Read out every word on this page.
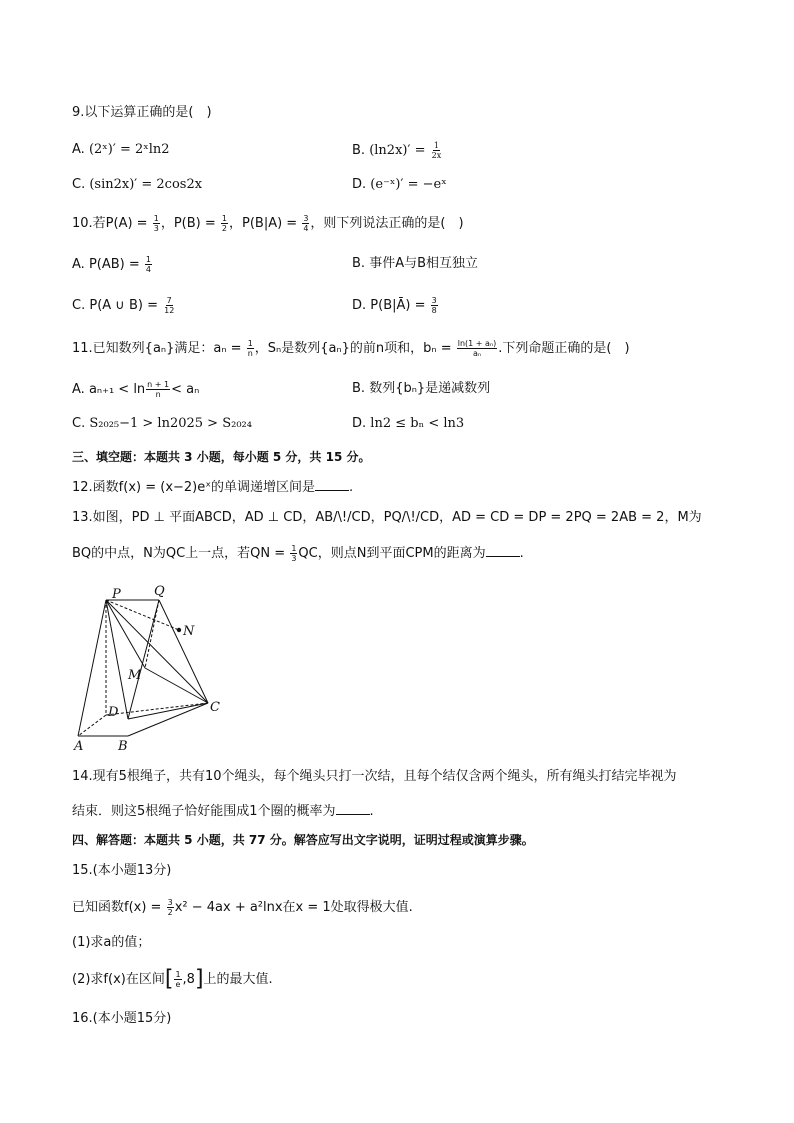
9.以下运算正确的是( )
A. (2ˣ)′ = 2ˣln2	B. $(\ln 2x)' = \frac{1}{2x}$
C. (sin2x)′ = 2cos2x	D. (e⁻ˣ)′ = −eˣ
10.若$P(A) = \frac{1}{3}$ ，$P(B) = \frac{1}{2}$ ，$P(B|A) = \frac{3}{4}$ ，则下列说法正确的是( )
A. $P(AB) = \frac{1}{4}$	B. 事件A与B相互独立
C. P(A ∪ $B) = \frac{7}{12}$	D. P(B|Ā) = $\frac{3}{8}$
11.已知数列{aₙ}满足：$a_n = \frac{1}{n}$ ，Sₙ是数列{aₙ}的前n项和，$b_n = \frac{\text{ln(1 + aₙ)}}{\text{aₙ}}$ .下列命题正确的是( )
A. $a_{n+1} < \ln \frac{n + 1}{n} < a_n$	B. 数列{bₙ}是递减数列
C. S₂₀₂₅−1 > ln2025 > S₂₀₂₄	D. ln2 ≤ bₙ < ln3
三、填空题：本题共 3 小题，每小题 5 分，共 15 分。
12.函数f(x) = (x−2)eˣ的单调递增区间是	.
13.如图，PD ⊥ 平面ABCD，AD ⊥ CD，AB/\!/CD，PQ/\!/CD，AD = CD = DP = 2PQ = 2AB = 2，M为
BQ的中点，N为QC上一点，若QN = $\frac{1}{3}$ QC，则点N到平面CPM的距离为	.
P	Q
N
M
D	C
A	B
14.现有5根绳子，共有10个绳头，每个绳头只打一次结，且每个结仅含两个绳头，所有绳头打结完毕视为
结束．则这5根绳子恰好能围成1个圈的概率为	.
四、解答题：本题共 5 小题，共 77 分。解答应写出文字说明，证明过程或演算步骤。
15.(本小题13分)
已知函数$f(x) = \frac{3}{2} x^2 - 4ax + a^2\ln x$在x = 1处取得极大值.
(1)求a的值；
(2)求f(x)在区间[ $\frac{1}{e} ,8$]上的最大值.
16.(本小题15分)
